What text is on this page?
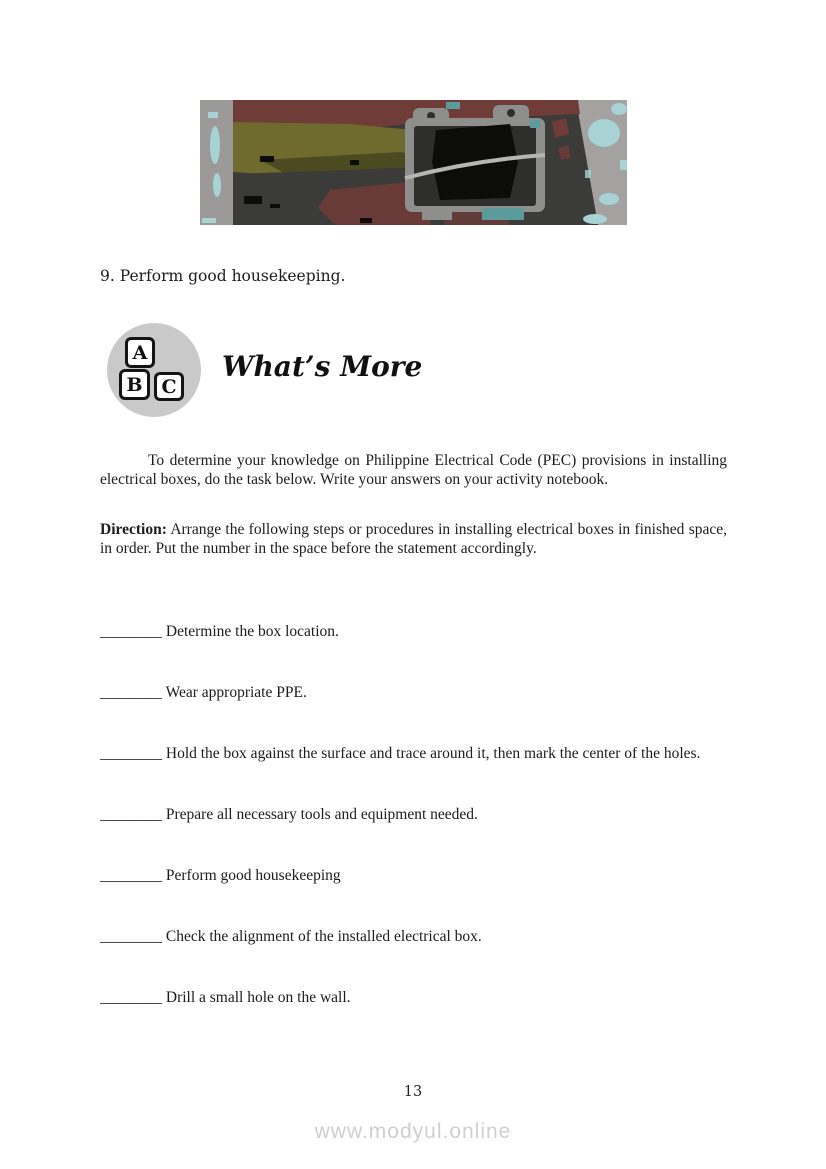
9. Perform good housekeeping.

A
B C
What’s More

To determine your knowledge on Philippine Electrical Code (PEC) provisions in installing electrical boxes, do the task below. Write your answers on your activity notebook.

Direction: Arrange the following steps or procedures in installing electrical boxes in finished space, in order. Put the number in the space before the statement accordingly.

________ Determine the box location.
________ Wear appropriate PPE.
________ Hold the box against the surface and trace around it, then mark the center of the holes.
________ Prepare all necessary tools and equipment needed.
________ Perform good housekeeping
________ Check the alignment of the installed electrical box.
________ Drill a small hole on the wall.
13
www.modyul.online
